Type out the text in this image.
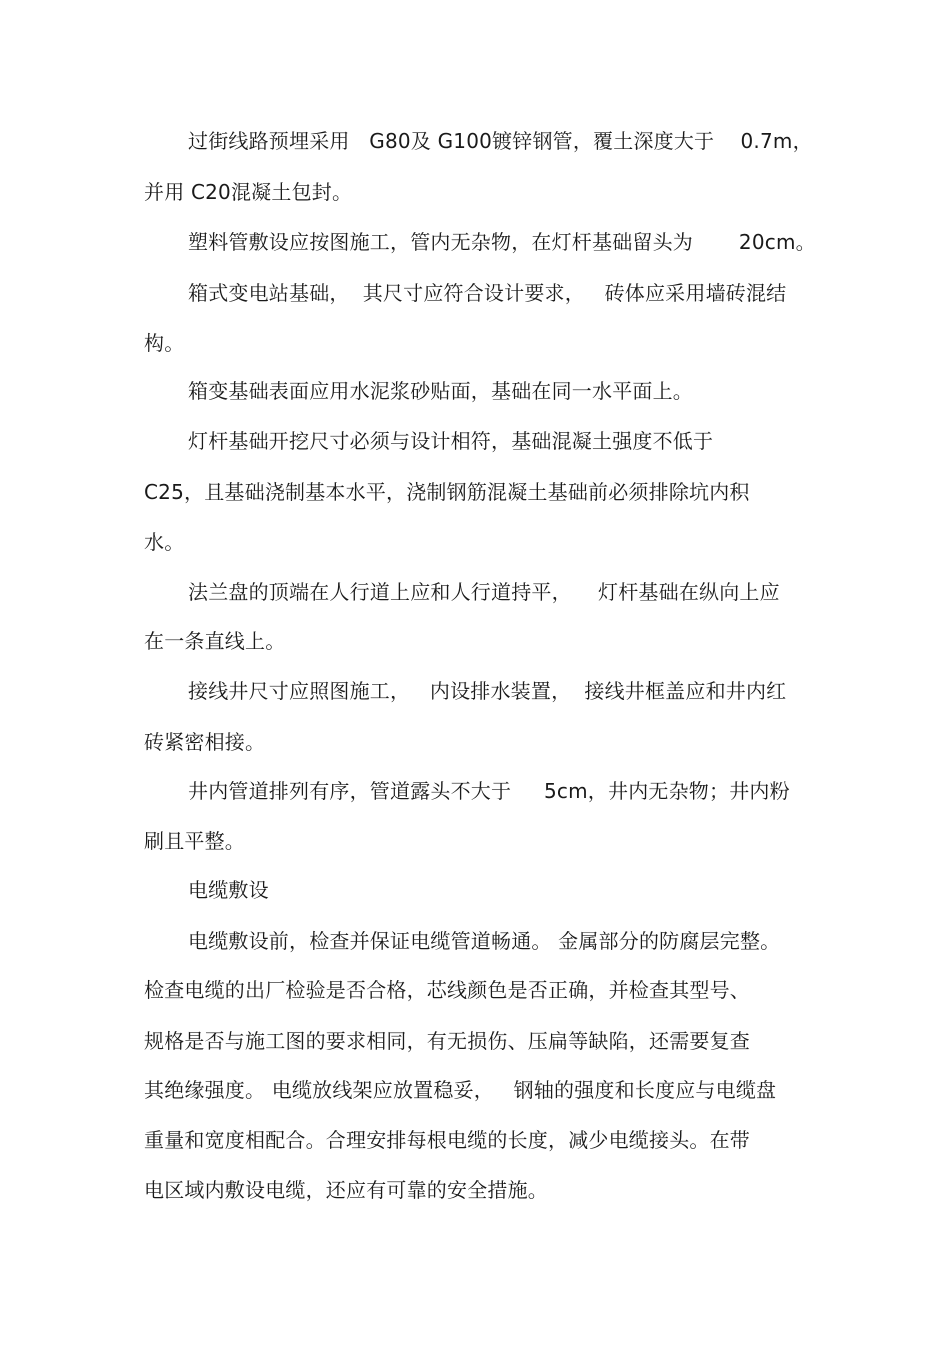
过街线路预埋采用   G80及 G100镀锌钢管，覆土深度大于    0.7m，
并用 C20混凝土包封。
塑料管敷设应按图施工，管内无杂物，在灯杆基础留头为       20cm。
箱式变电站基础，  其尺寸应符合设计要求，   砖体应采用墙砖混结
构。
箱变基础表面应用水泥浆砂贴面，基础在同一水平面上。
灯杆基础开挖尺寸必须与设计相符，基础混凝土强度不低于
C25，且基础浇制基本水平，浇制钢筋混凝土基础前必须排除坑内积
水。
法兰盘的顶端在人行道上应和人行道持平，    灯杆基础在纵向上应
在一条直线上。
接线井尺寸应照图施工，   内设排水装置，  接线井框盖应和井内红
砖紧密相接。
井内管道排列有序，管道露头不大于     5cm，井内无杂物；井内粉
刷且平整。
电缆敷设
电缆敷设前，检查并保证电缆管道畅通。 金属部分的防腐层完整。
检查电缆的出厂检验是否合格，芯线颜色是否正确，并检查其型号、
规格是否与施工图的要求相同，有无损伤、压扁等缺陷，还需要复查
其绝缘强度。 电缆放线架应放置稳妥，   钢轴的强度和长度应与电缆盘
重量和宽度相配合。合理安排每根电缆的长度，减少电缆接头。在带
电区域内敷设电缆，还应有可靠的安全措施。
